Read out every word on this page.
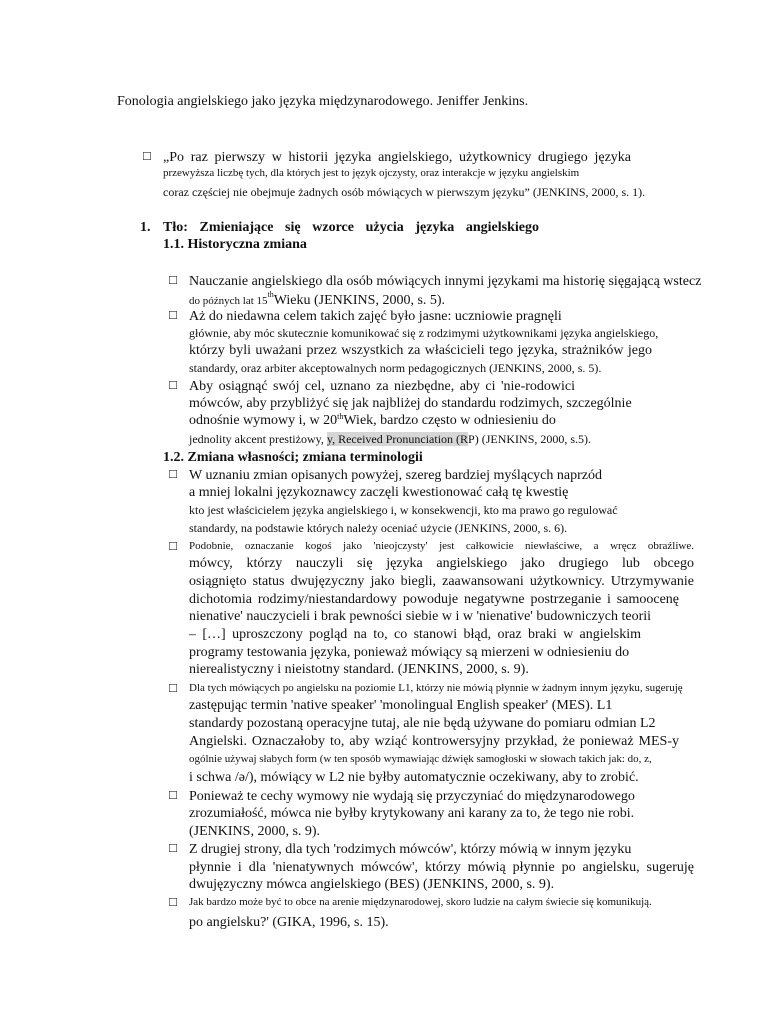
Fonologia angielskiego jako języka międzynarodowego. Jeniffer Jenkins.
☐ „Po raz pierwszy w historii języka angielskiego, użytkownicy drugiego języka
przewyższa liczbę tych, dla których jest to język ojczysty, oraz interakcje w języku angielskim
coraz częściej nie obejmuje żadnych osób mówiących w pierwszym języku” (JENKINS, 2000, s. 1).
1. Tło: Zmieniające się wzorce użycia języka angielskiego
1.1. Historyczna zmiana
☐ Nauczanie angielskiego dla osób mówiących innymi językami ma historię sięgającą wstecz
do późnych lat 15thWieku (JENKINS, 2000, s. 5).
☐ Aż do niedawna celem takich zajęć było jasne: uczniowie pragnęli
głównie, aby móc skutecznie komunikować się z rodzimymi użytkownikami języka angielskiego,
którzy byli uważani przez wszystkich za właścicieli tego języka, strażników jego
standardy, oraz arbiter akceptowalnych norm pedagogicznych (JENKINS, 2000, s. 5).
☐ Aby osiągnąć swój cel, uznano za niezbędne, aby ci 'nie-rodowici
mówców, aby przybliżyć się jak najbliżej do standardu rodzimych, szczególnie
odnośnie wymowy i, w 20thWiek, bardzo często w odniesieniu do
jednolity akcent prestiżowy, y, Received Pronunciation (RP) (JENKINS, 2000, s.5).
1.2. Zmiana własności; zmiana terminologii
☐ W uznaniu zmian opisanych powyżej, szereg bardziej myślących naprzód
a mniej lokalni językoznawcy zaczęli kwestionować całą tę kwestię
kto jest właścicielem języka angielskiego i, w konsekwencji, kto ma prawo go regulować
standardy, na podstawie których należy oceniać użycie (JENKINS, 2000, s. 6).
☐ Podobnie, oznaczanie kogoś jako 'nieojczysty' jest całkowicie niewłaściwe, a wręcz obraźliwe.
mówcy, którzy nauczyli się języka angielskiego jako drugiego lub obcego
osiągnięto status dwujęzyczny jako biegli, zaawansowani użytkownicy. Utrzymywanie
dichotomia rodzimy/niestandardowy powoduje negatywne postrzeganie i samoocenę
nienative' nauczycieli i brak pewności siebie w i w 'nienative' budowniczych teorii
– […] uproszczony pogląd na to, co stanowi błąd, oraz braki w angielskim
programy testowania języka, ponieważ mówiący są mierzeni w odniesieniu do
nierealistyczny i nieistotny standard. (JENKINS, 2000, s. 9).
☐ Dla tych mówiących po angielsku na poziomie L1, którzy nie mówią płynnie w żadnym innym języku, sugeruję
zastępując termin 'native speaker' 'monolingual English speaker' (MES). L1
standardy pozostaną operacyjne tutaj, ale nie będą używane do pomiaru odmian L2
Angielski. Oznaczałoby to, aby wziąć kontrowersyjny przykład, że ponieważ MES-y
ogólnie używaj słabych form (w ten sposób wymawiając dźwięk samogłoski w słowach takich jak: do, z,
i schwa /ə/), mówiący w L2 nie byłby automatycznie oczekiwany, aby to zrobić.
☐ Ponieważ te cechy wymowy nie wydają się przyczyniać do międzynarodowego
zrozumiałość, mówca nie byłby krytykowany ani karany za to, że tego nie robi.
(JENKINS, 2000, s. 9).
☐ Z drugiej strony, dla tych 'rodzimych mówców', którzy mówią w innym języku
płynnie i dla 'nienatywnych mówców', którzy mówią płynnie po angielsku, sugeruję
dwujęzyczny mówca angielskiego (BES) (JENKINS, 2000, s. 9).
☐ Jak bardzo może być to obce na arenie międzynarodowej, skoro ludzie na całym świecie się komunikują.
po angielsku?' (GIKA, 1996, s. 15).
